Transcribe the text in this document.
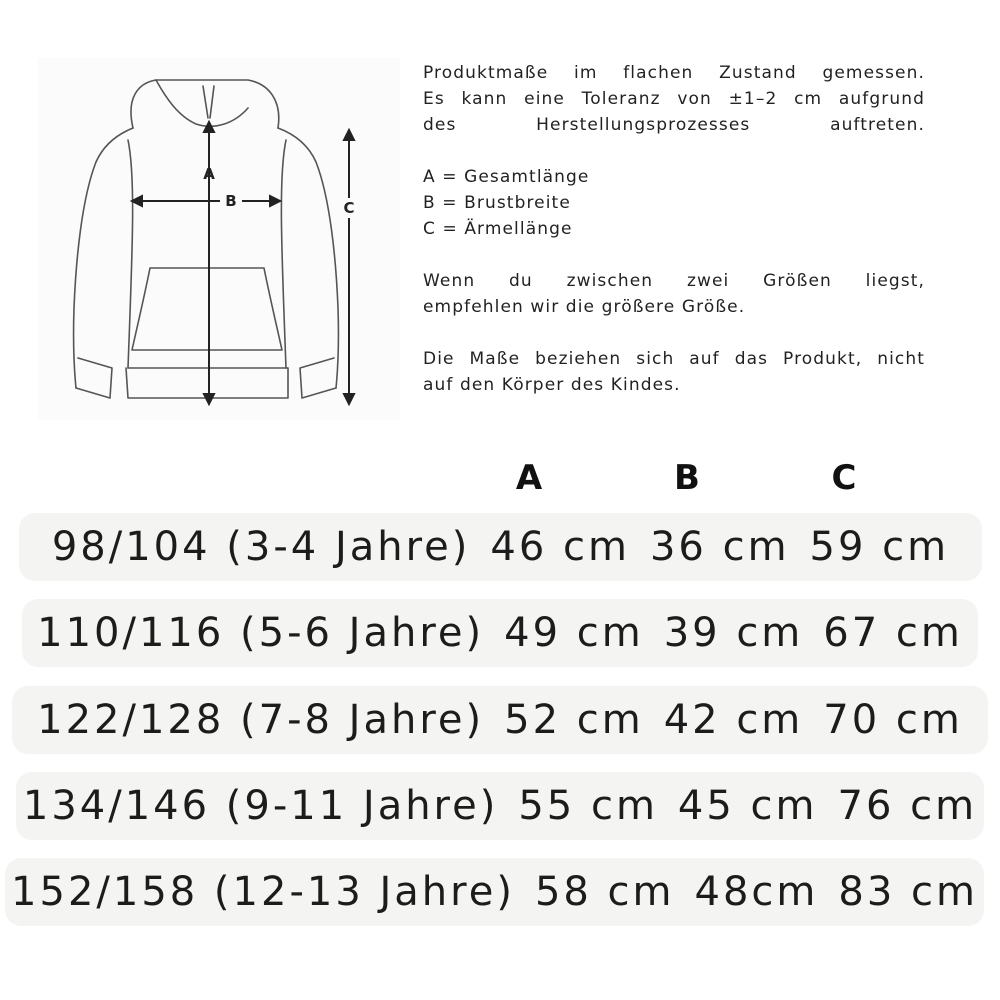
A
B	C

Produktmaße im flachen Zustand gemessen.

Es kann eine Toleranz von ±1–2 cm aufgrund
des Herstellungsprozesses auftreten.

A = Gesamtlänge
B = Brustbreite
C = Ärmellänge

Wenn du zwischen zwei Größen liegst,
empfehlen wir die größere Größe.

Die Maße beziehen sich auf das Produkt, nicht
auf den Körper des Kindes.

A	B	C
98/104 (3-4 Jahre) 46 cm 36 cm 59 cm
110/116 (5-6 Jahre) 49 cm 39 cm 67 cm
122/128 (7-8 Jahre) 52 cm 42 cm 70 cm
134/146 (9-11 Jahre) 55 cm 45 cm 76 cm
152/158 (12-13 Jahre) 58 cm 48cm 83 cm
